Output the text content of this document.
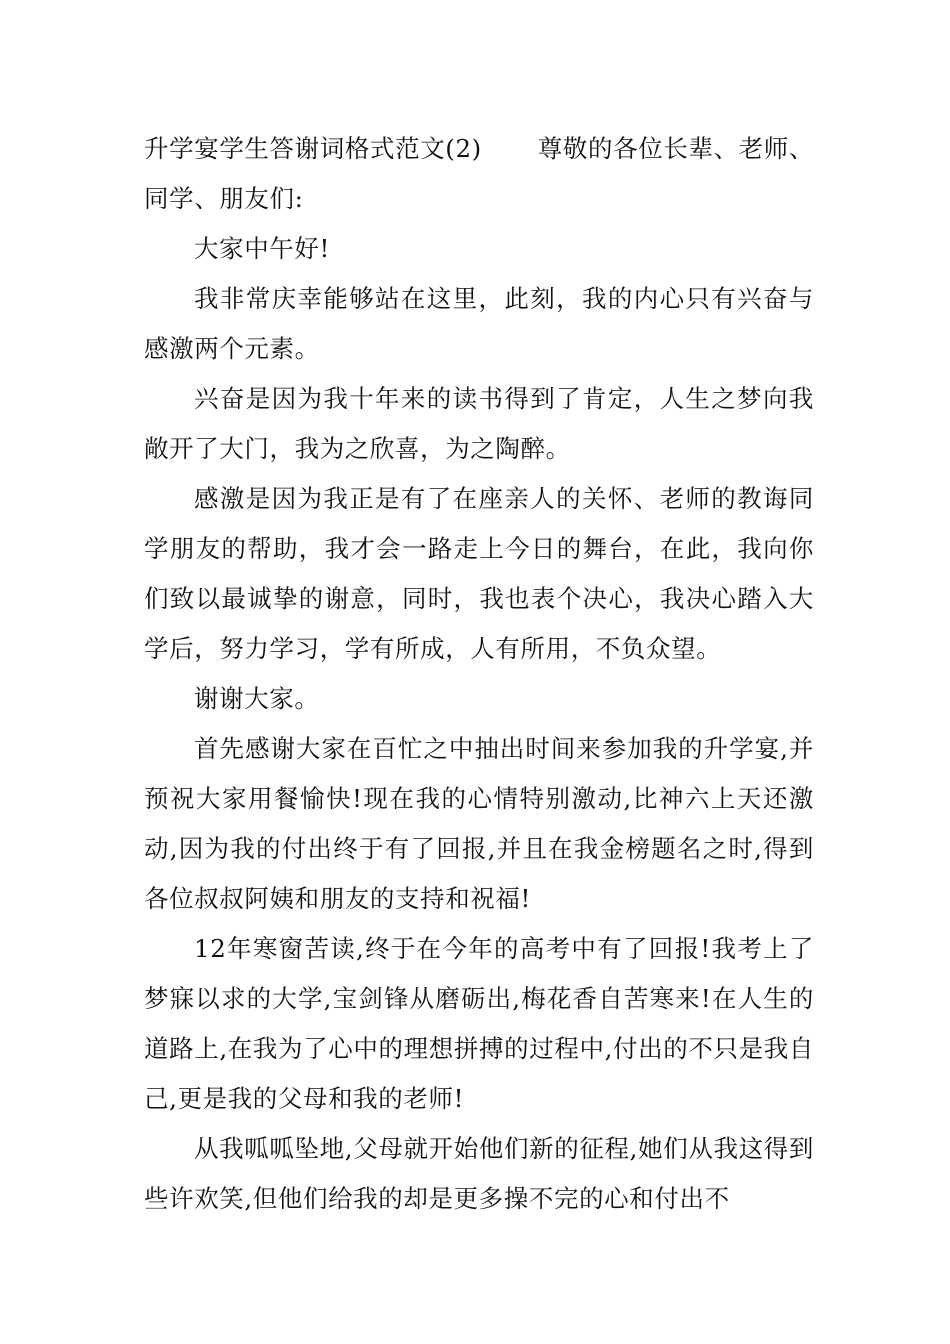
升学宴学生答谢词格式范文(2) 尊敬的各位长辈、老师、同学、朋友们:

大家中午好!

我非常庆幸能够站在这里，此刻，我的内心只有兴奋与感激两个元素。

兴奋是因为我十年来的读书得到了肯定，人生之梦向我敞开了大门，我为之欣喜，为之陶醉。

感激是因为我正是有了在座亲人的关怀、老师的教诲同学朋友的帮助，我才会一路走上今日的舞台，在此，我向你们致以最诚挚的谢意，同时，我也表个决心，我决心踏入大学后，努力学习，学有所成，人有所用，不负众望。

谢谢大家。

首先感谢大家在百忙之中抽出时间来参加我的升学宴,并预祝大家用餐愉快!现在我的心情特别激动,比神六上天还激动,因为我的付出终于有了回报,并且在我金榜题名之时,得到各位叔叔阿姨和朋友的支持和祝福!

12年寒窗苦读,终于在今年的高考中有了回报!我考上了梦寐以求的大学,宝剑锋从磨砺出,梅花香自苦寒来!在人生的道路上,在我为了心中的理想拼搏的过程中,付出的不只是我自己,更是我的父母和我的老师!

从我呱呱坠地,父母就开始他们新的征程,她们从我这得到些许欢笑,但他们给我的却是更多操不完的心和付出不
